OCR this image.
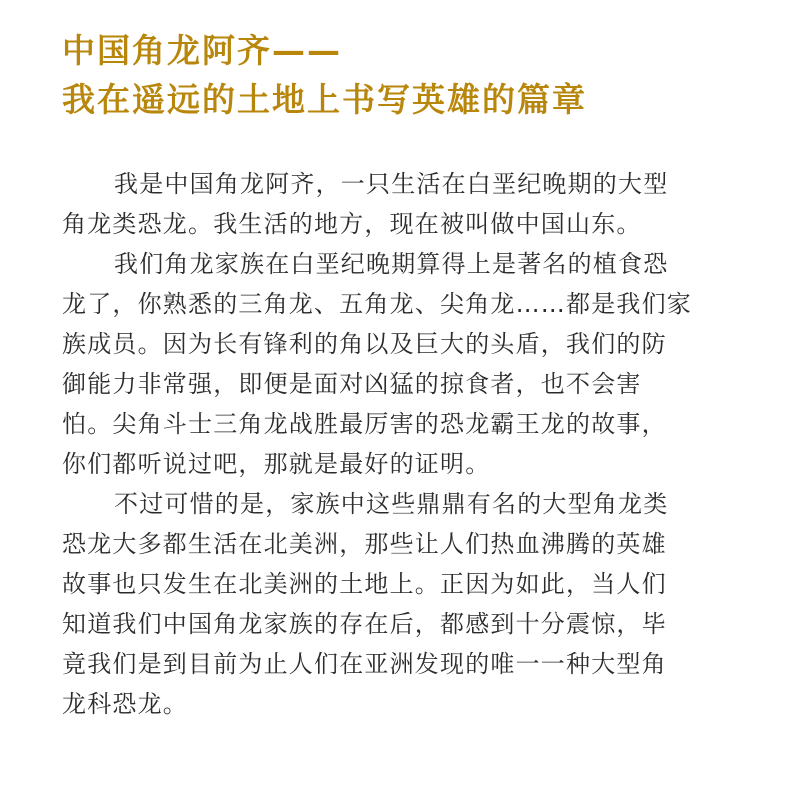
中国角龙阿齐——
我在遥远的土地上书写英雄的篇章

我是中国角龙阿齐，一只生活在白垩纪晚期的大型
角龙类恐龙。我生活的地方，现在被叫做中国山东。

我们角龙家族在白垩纪晚期算得上是著名的植食恐
龙了，你熟悉的三角龙、五角龙、尖角龙……都是我们家
族成员。因为长有锋利的角以及巨大的头盾，我们的防
御能力非常强，即便是面对凶猛的掠食者，也不会害
怕。尖角斗士三角龙战胜最厉害的恐龙霸王龙的故事，
你们都听说过吧，那就是最好的证明。

不过可惜的是，家族中这些鼎鼎有名的大型角龙类
恐龙大多都生活在北美洲，那些让人们热血沸腾的英雄
故事也只发生在北美洲的土地上。正因为如此，当人们
知道我们中国角龙家族的存在后，都感到十分震惊，毕
竟我们是到目前为止人们在亚洲发现的唯一一种大型角
龙科恐龙。
